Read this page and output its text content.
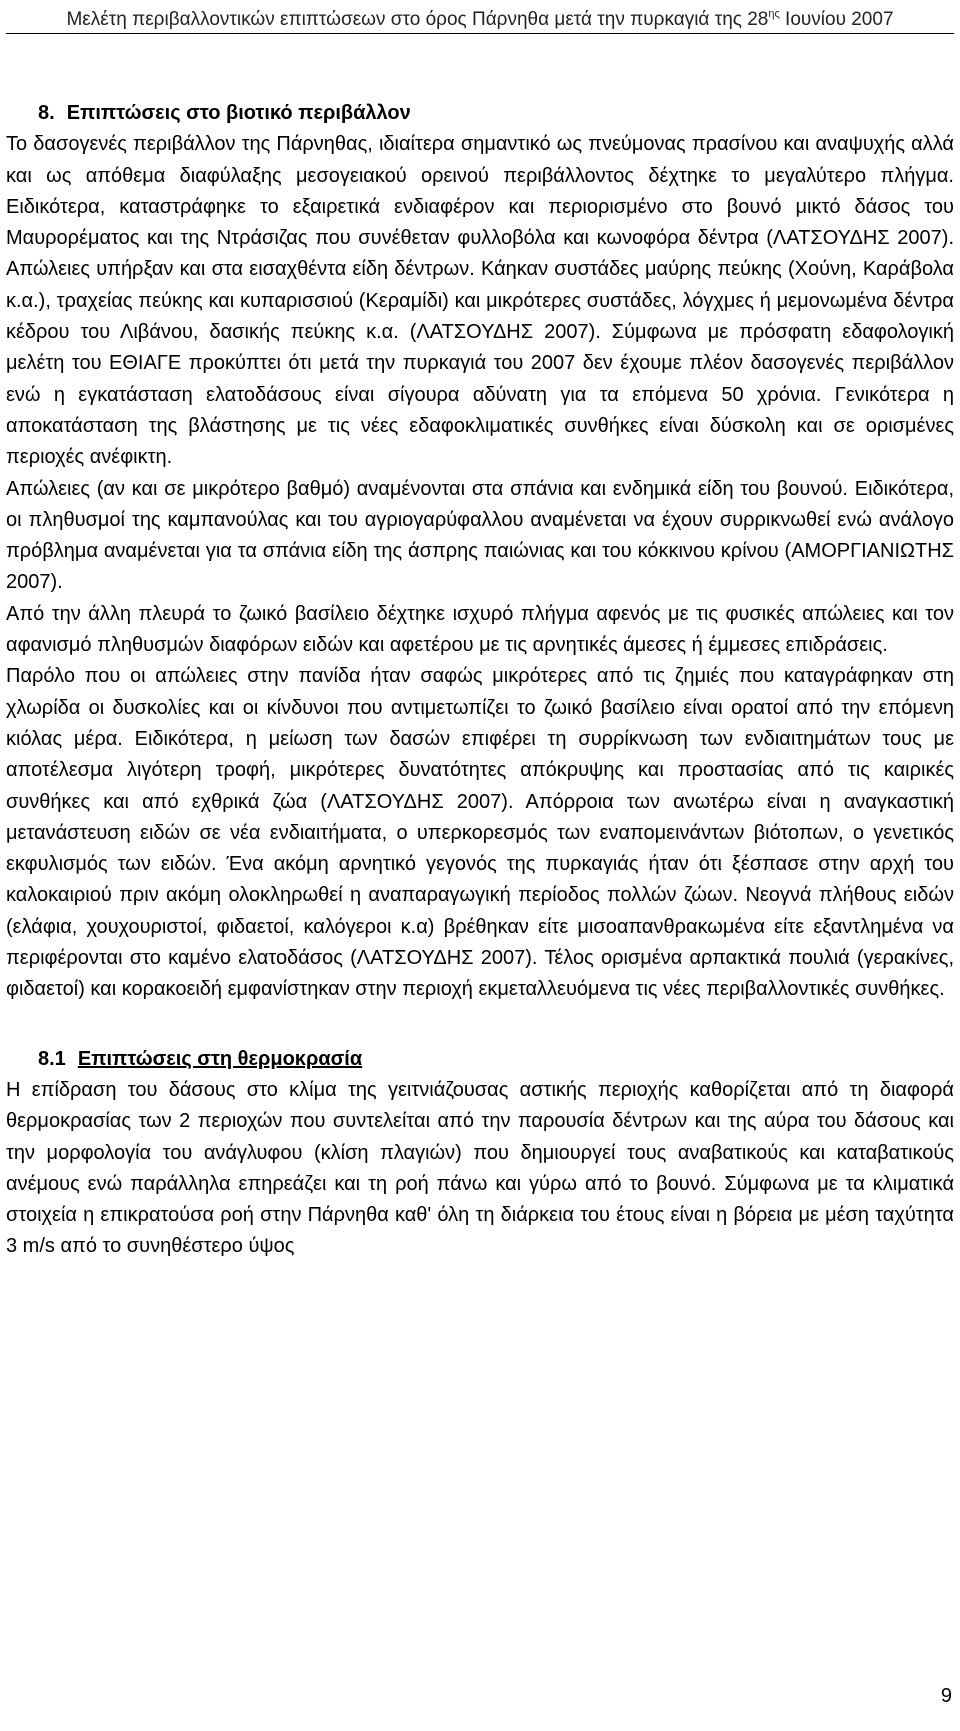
Μελέτη περιβαλλοντικών επιπτώσεων στο όρος Πάρνηθα μετά την πυρκαγιά της $28^{\eta\varsigma}$ Ιουνίου 2007
8. Επιπτώσεις στο βιοτικό περιβάλλον

Το δασογενές περιβάλλον της Πάρνηθας, ιδιαίτερα σημαντικό ως πνεύμονας πρασίνου και αναψυχής αλλά και ως απόθεμα διαφύλαξης μεσογειακού ορεινού περιβάλλοντος δέχτηκε το μεγαλύτερο πλήγμα. Ειδικότερα, καταστράφηκε το εξαιρετικά ενδιαφέρον και περιορισμένο στο βουνό μικτό δάσος του Μαυρορέματος και της Ντράσιζας που συνέθεταν φυλλοβόλα και κωνοφόρα δέντρα (ΛΑΤΣΟΥΔΗΣ 2007). Απώλειες υπήρξαν και στα εισαχθέντα είδη δέντρων. Κάηκαν συστάδες μαύρης πεύκης (Χούνη, Καράβολα κ.α.), τραχείας πεύκης και κυπαρισσιού (Κεραμίδι) και μικρότερες συστάδες, λόγχμες ή μεμονωμένα δέντρα κέδρου του Λιβάνου, δασικής πεύκης κ.α. (ΛΑΤΣΟΥΔΗΣ 2007). Σύμφωνα με πρόσφατη εδαφολογική μελέτη του ΕΘΙΑΓΕ προκύπτει ότι μετά την πυρκαγιά του 2007 δεν έχουμε πλέον δασογενές περιβάλλον ενώ η εγκατάσταση ελατοδάσους είναι σίγουρα αδύνατη για τα επόμενα 50 χρόνια. Γενικότερα η αποκατάσταση της βλάστησης με τις νέες εδαφοκλιματικές συνθήκες είναι δύσκολη και σε ορισμένες περιοχές ανέφικτη.

Απώλειες (αν και σε μικρότερο βαθμό) αναμένονται στα σπάνια και ενδημικά είδη του βουνού. Ειδικότερα, οι πληθυσμοί της καμπανούλας και του αγριογαρύφαλλου αναμένεται να έχουν συρρικνωθεί ενώ ανάλογο πρόβλημα αναμένεται για τα σπάνια είδη της άσπρης παιώνιας και του κόκκινου κρίνου (ΑΜΟΡΓΙΑΝΙΩΤΗΣ 2007).

Από την άλλη πλευρά το ζωικό βασίλειο δέχτηκε ισχυρό πλήγμα αφενός με τις φυσικές απώλειες και τον αφανισμό πληθυσμών διαφόρων ειδών και αφετέρου με τις αρνητικές άμεσες ή έμμεσες επιδράσεις.

Παρόλο που οι απώλειες στην πανίδα ήταν σαφώς μικρότερες από τις ζημιές που καταγράφηκαν στη χλωρίδα οι δυσκολίες και οι κίνδυνοι που αντιμετωπίζει το ζωικό βασίλειο είναι ορατοί από την επόμενη κιόλας μέρα. Ειδικότερα, η μείωση των δασών επιφέρει τη συρρίκνωση των ενδιαιτημάτων τους με αποτέλεσμα λιγότερη τροφή, μικρότερες δυνατότητες απόκρυψης και προστασίας από τις καιρικές συνθήκες και από εχθρικά ζώα (ΛΑΤΣΟΥΔΗΣ 2007). Απόρροια των ανωτέρω είναι η αναγκαστική μετανάστευση ειδών σε νέα ενδιαιτήματα, ο υπερκορεσμός των εναπομεινάντων βιότοπων, ο γενετικός εκφυλισμός των ειδών. Ένα ακόμη αρνητικό γεγονός της πυρκαγιάς ήταν ότι ξέσπασε στην αρχή του καλοκαιριού πριν ακόμη ολοκληρωθεί η αναπαραγωγική περίοδος πολλών ζώων. Νεογνά πλήθους ειδών (ελάφια, χουχουριστοί, φιδαετοί, καλόγεροι κ.α) βρέθηκαν είτε μισοαπανθρακωμένα είτε εξαντλημένα να περιφέρονται στο καμένο ελατοδάσος (ΛΑΤΣΟΥΔΗΣ 2007). Τέλος ορισμένα αρπακτικά πουλιά (γερακίνες, φιδαετοί) και κορακοειδή εμφανίστηκαν στην περιοχή εκμεταλλευόμενα τις νέες περιβαλλοντικές συνθήκες.

8.1 Επιπτώσεις στη θερμοκρασία

Η επίδραση του δάσους στο κλίμα της γειτνιάζουσας αστικής περιοχής καθορίζεται από τη διαφορά θερμοκρασίας των 2 περιοχών που συντελείται από την παρουσία δέντρων και της αύρα του δάσους και την μορφολογία του ανάγλυφου (κλίση πλαγιών) που δημιουργεί τους αναβατικούς και καταβατικούς ανέμους ενώ παράλληλα επηρεάζει και τη ροή πάνω και γύρω από το βουνό. Σύμφωνα με τα κλιματικά στοιχεία η επικρατούσα ροή στην Πάρνηθα καθ' όλη τη διάρκεια του έτους είναι η βόρεια με μέση ταχύτητα 3 m/s από το συνηθέστερο ύψος

9
